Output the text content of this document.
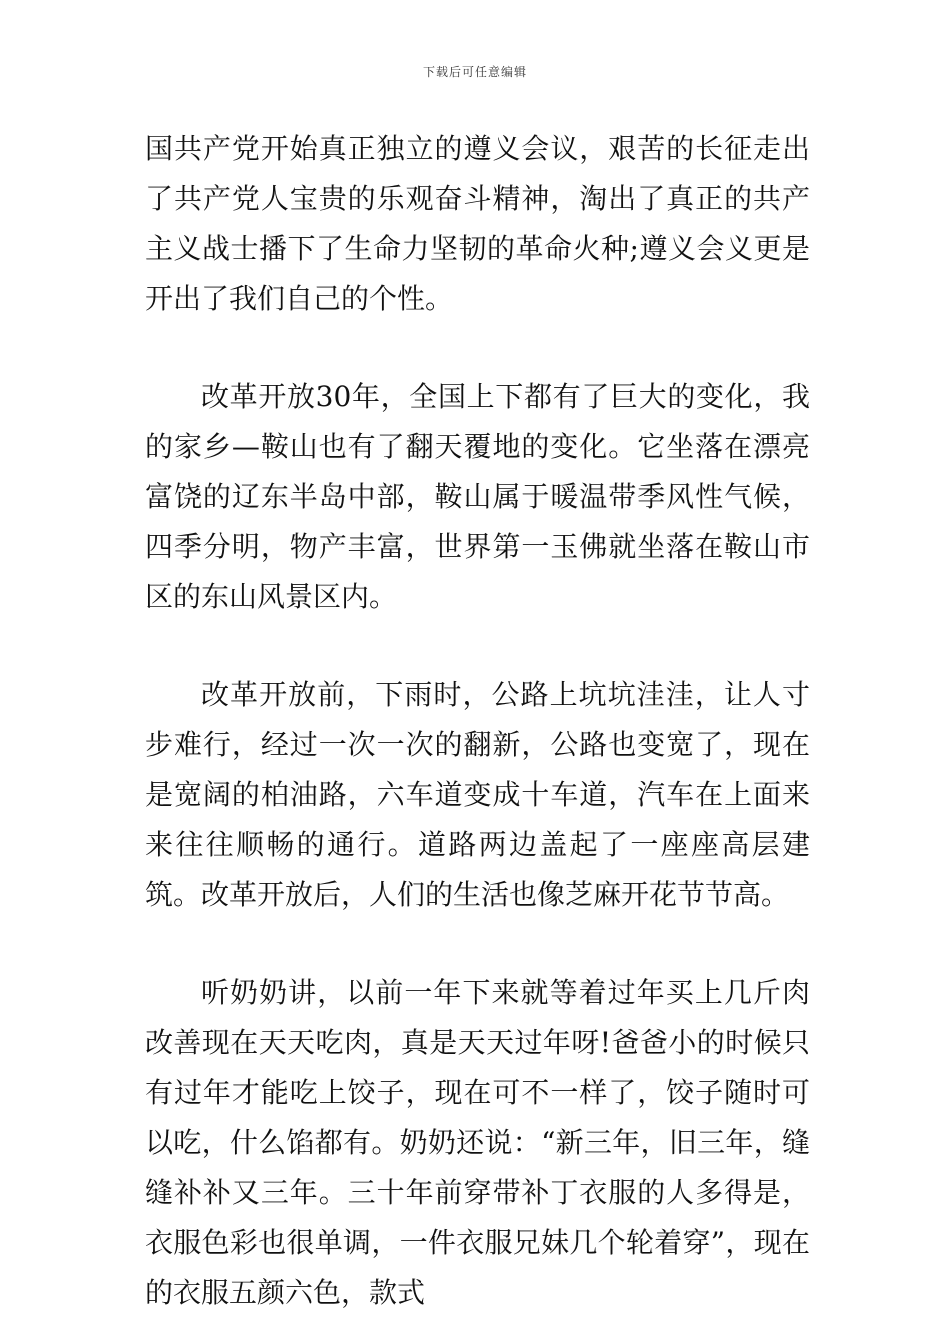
下载后可任意编辑

国共产党开始真正独立的遵义会议，艰苦的长征走出了共产党人宝贵的乐观奋斗精神，淘出了真正的共产主义战士播下了生命力坚韧的革命火种;遵义会义更是开出了我们自己的个性。

改革开放30年，全国上下都有了巨大的变化，我的家乡—鞍山也有了翻天覆地的变化。它坐落在漂亮富饶的辽东半岛中部，鞍山属于暖温带季风性气候，四季分明，物产丰富，世界第一玉佛就坐落在鞍山市区的东山风景区内。

改革开放前，下雨时，公路上坑坑洼洼，让人寸步难行，经过一次一次的翻新，公路也变宽了，现在是宽阔的柏油路，六车道变成十车道，汽车在上面来来往往顺畅的通行。道路两边盖起了一座座高层建筑。改革开放后，人们的生活也像芝麻开花节节高。

听奶奶讲，以前一年下来就等着过年买上几斤肉改善现在天天吃肉，真是天天过年呀!爸爸小的时候只有过年才能吃上饺子，现在可不一样了，饺子随时可以吃，什么馅都有。奶奶还说：“新三年，旧三年，缝缝补补又三年。三十年前穿带补丁衣服的人多得是，衣服色彩也很单调，一件衣服兄妹几个轮着穿”，现在的衣服五颜六色，款式
